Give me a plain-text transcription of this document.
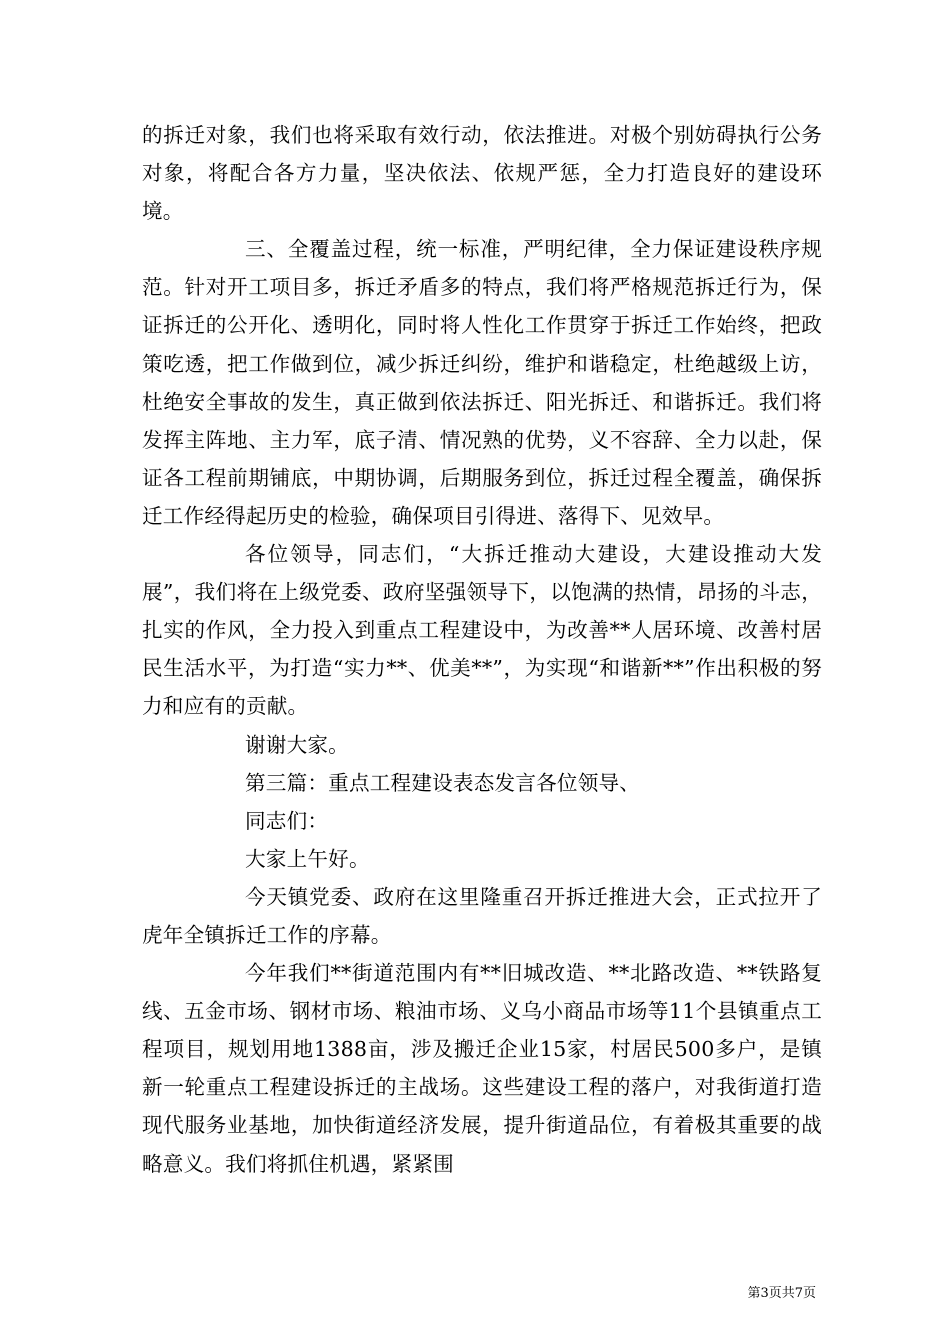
的拆迁对象，我们也将采取有效行动，依法推进。对极个别妨碍执行公务对象，将配合各方力量，坚决依法、依规严惩，全力打造良好的建设环境。

三、全覆盖过程，统一标准，严明纪律，全力保证建设秩序规范。针对开工项目多，拆迁矛盾多的特点，我们将严格规范拆迁行为，保证拆迁的公开化、透明化，同时将人性化工作贯穿于拆迁工作始终，把政策吃透，把工作做到位，减少拆迁纠纷，维护和谐稳定，杜绝越级上访，杜绝安全事故的发生，真正做到依法拆迁、阳光拆迁、和谐拆迁。我们将发挥主阵地、主力军，底子清、情况熟的优势，义不容辞、全力以赴，保证各工程前期铺底，中期协调，后期服务到位，拆迁过程全覆盖，确保拆迁工作经得起历史的检验，确保项目引得进、落得下、见效早。

各位领导，同志们，“大拆迁推动大建设，大建设推动大发展”，我们将在上级党委、政府坚强领导下，以饱满的热情，昂扬的斗志，扎实的作风，全力投入到重点工程建设中，为改善**人居环境、改善村居民生活水平，为打造“实力**、优美**”，为实现“和谐新**”作出积极的努力和应有的贡献。

谢谢大家。

第三篇：重点工程建设表态发言各位领导、

同志们：

大家上午好。

今天镇党委、政府在这里隆重召开拆迁推进大会，正式拉开了虎年全镇拆迁工作的序幕。

今年我们**街道范围内有**旧城改造、**北路改造、**铁路复线、五金市场、钢材市场、粮油市场、义乌小商品市场等11个县镇重点工程项目，规划用地1388亩，涉及搬迁企业15家，村居民500多户，是镇新一轮重点工程建设拆迁的主战场。这些建设工程的落户，对我街道打造现代服务业基地，加快街道经济发展，提升街道品位，有着极其重要的战略意义。我们将抓住机遇，紧紧围

第3页共7页
